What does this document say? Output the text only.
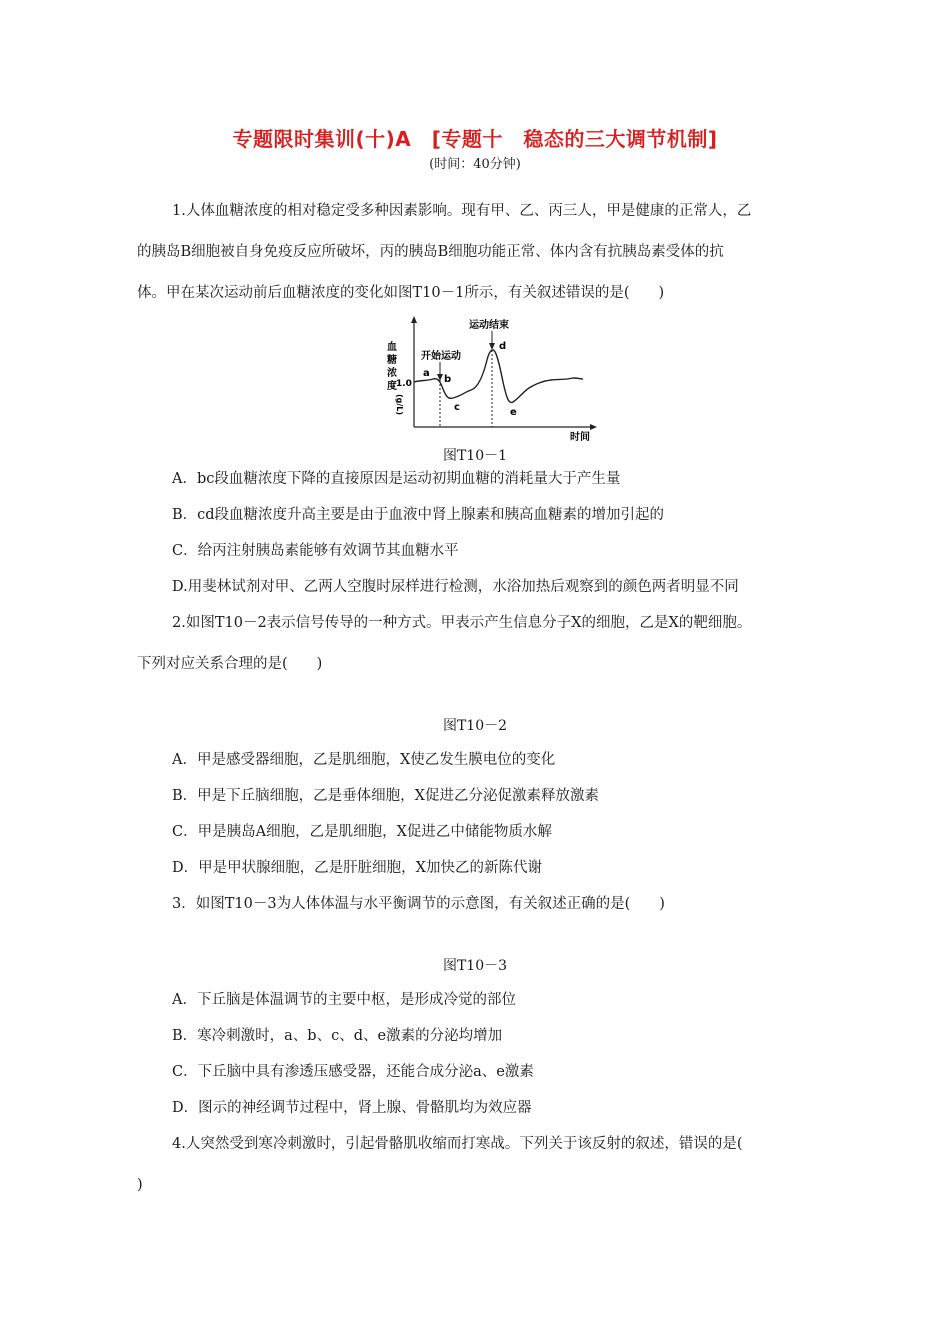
专题限时集训(十)A　[专题十　稳态的三大调节机制]
(时间：40分钟)
1.人体血糖浓度的相对稳定受多种因素影响。现有甲、乙、丙三人，甲是健康的正常人，乙
的胰岛B细胞被自身免疫反应所破坏，丙的胰岛B细胞功能正常、体内含有抗胰岛素受体的抗
体。甲在某次运动前后血糖浓度的变化如图T10－1所示，有关叙述错误的是(　　)
血
糖
浓
度
(g/L)
1.0
时间
开始运动
运动结束
a
b
c
d
e
图T10－1
A．bc段血糖浓度下降的直接原因是运动初期血糖的消耗量大于产生量
B．cd段血糖浓度升高主要是由于血液中肾上腺素和胰高血糖素的增加引起的
C．给丙注射胰岛素能够有效调节其血糖水平
D.用斐林试剂对甲、乙两人空腹时尿样进行检测，水浴加热后观察到的颜色两者明显不同
2.如图T10－2表示信号传导的一种方式。甲表示产生信息分子X的细胞，乙是X的靶细胞。
下列对应关系合理的是(　　)
图T10－2
A．甲是感受器细胞，乙是肌细胞，X使乙发生膜电位的变化
B．甲是下丘脑细胞，乙是垂体细胞，X促进乙分泌促激素释放激素
C．甲是胰岛A细胞，乙是肌细胞，X促进乙中储能物质水解
D．甲是甲状腺细胞，乙是肝脏细胞，X加快乙的新陈代谢
3．如图T10－3为人体体温与水平衡调节的示意图，有关叙述正确的是(　　)
图T10－3
A．下丘脑是体温调节的主要中枢，是形成冷觉的部位
B．寒冷刺激时，a、b、c、d、e激素的分泌均增加
C．下丘脑中具有渗透压感受器，还能合成分泌a、e激素
D．图示的神经调节过程中，肾上腺、骨骼肌均为效应器
4.人突然受到寒冷刺激时，引起骨骼肌收缩而打寒战。下列关于该反射的叙述，错误的是(
)
